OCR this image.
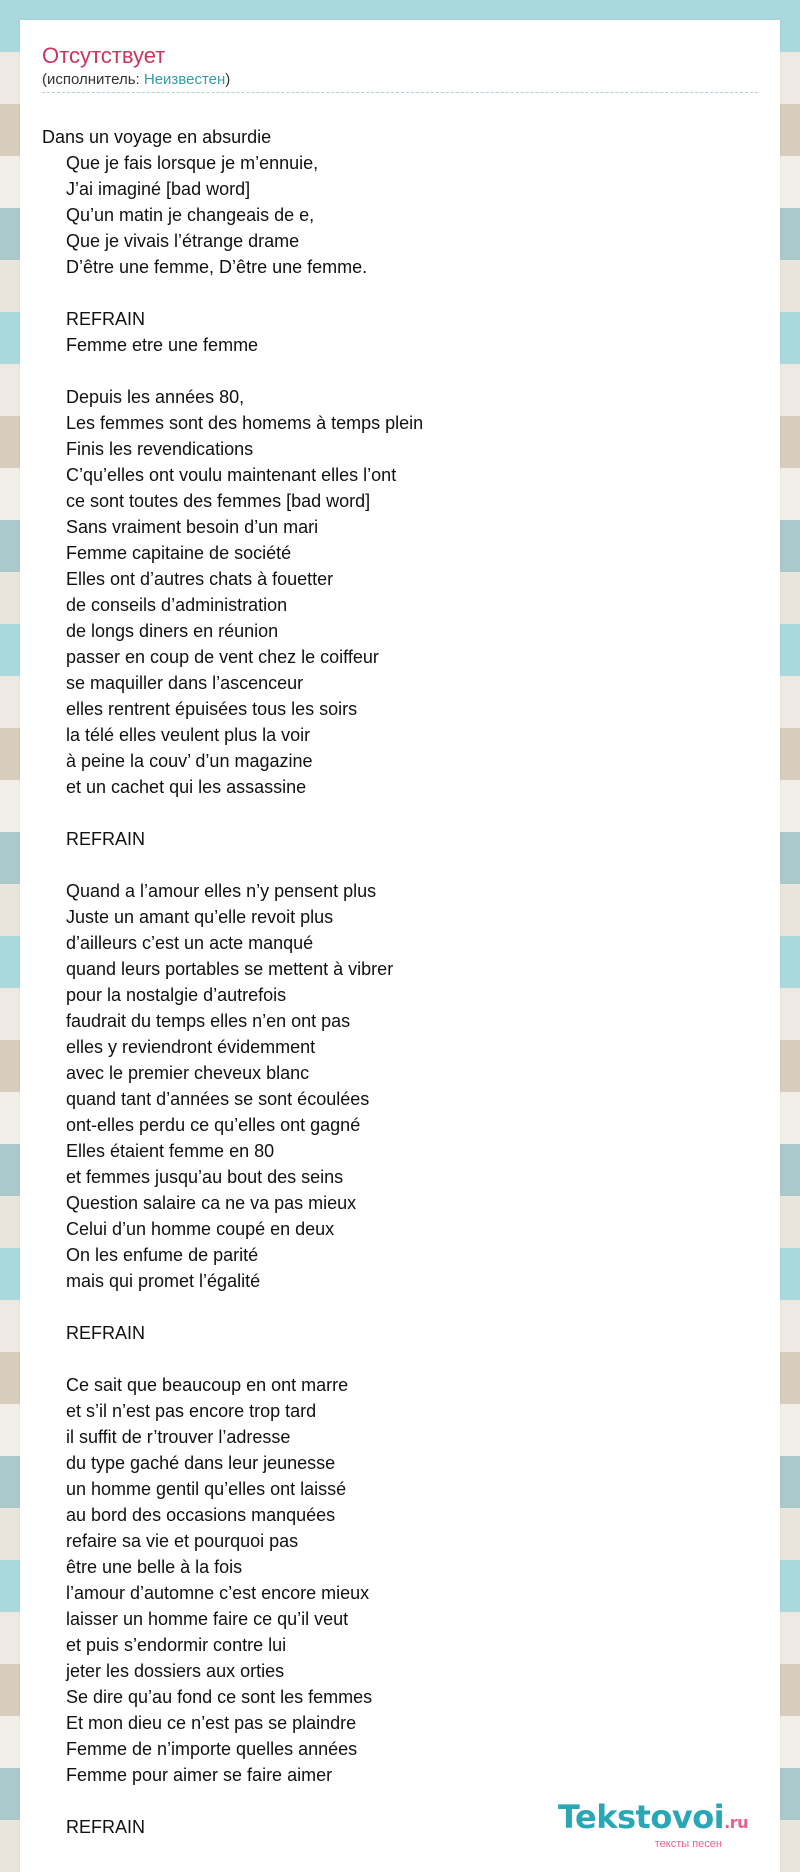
Отсутствует
(исполнитель: Неизвестен)
Dans un voyage en absurdie
Que je fais lorsque je m’ennuie,
J’ai imaginé [bad word]
Qu’un matin je changeais de e,
Que je vivais l’étrange drame
D’être une femme, D’être une femme.
REFRAIN
Femme etre une femme
Depuis les années 80,
Les femmes sont des homems à temps plein
Finis les revendications
C’qu’elles ont voulu maintenant elles l’ont
ce sont toutes des femmes [bad word]
Sans vraiment besoin d’un mari
Femme capitaine de société
Elles ont d’autres chats à fouetter
de conseils d’administration
de longs diners en réunion
passer en coup de vent chez le coiffeur
se maquiller dans l’ascenceur
elles rentrent épuisées tous les soirs
la télé elles veulent plus la voir
à peine la couv’ d’un magazine
et un cachet qui les assassine
REFRAIN
Quand a l’amour elles n’y pensent plus
Juste un amant qu’elle revoit plus
d’ailleurs c’est un acte manqué
quand leurs portables se mettent à vibrer
pour la nostalgie d’autrefois
faudrait du temps elles n’en ont pas
elles y reviendront évidemment
avec le premier cheveux blanc
quand tant d’années se sont écoulées
ont-elles perdu ce qu’elles ont gagné
Elles étaient femme en 80
et femmes jusqu’au bout des seins
Question salaire ca ne va pas mieux
Celui d’un homme coupé en deux
On les enfume de parité
mais qui promet l’égalité
REFRAIN
Ce sait que beaucoup en ont marre
et s’il n’est pas encore trop tard
il suffit de r’trouver l’adresse
du type gaché dans leur jeunesse
un homme gentil qu’elles ont laissé
au bord des occasions manquées
refaire sa vie et pourquoi pas
être une belle à la fois
l’amour d’automne c’est encore mieux
laisser un homme faire ce qu’il veut
et puis s’endormir contre lui
jeter les dossiers aux orties
Se dire qu’au fond ce sont les femmes
Et mon dieu ce n’est pas se plaindre
Femme de n’importe quelles années
Femme pour aimer se faire aimer
REFRAIN	Tekstovoi.ru
тексты песен
